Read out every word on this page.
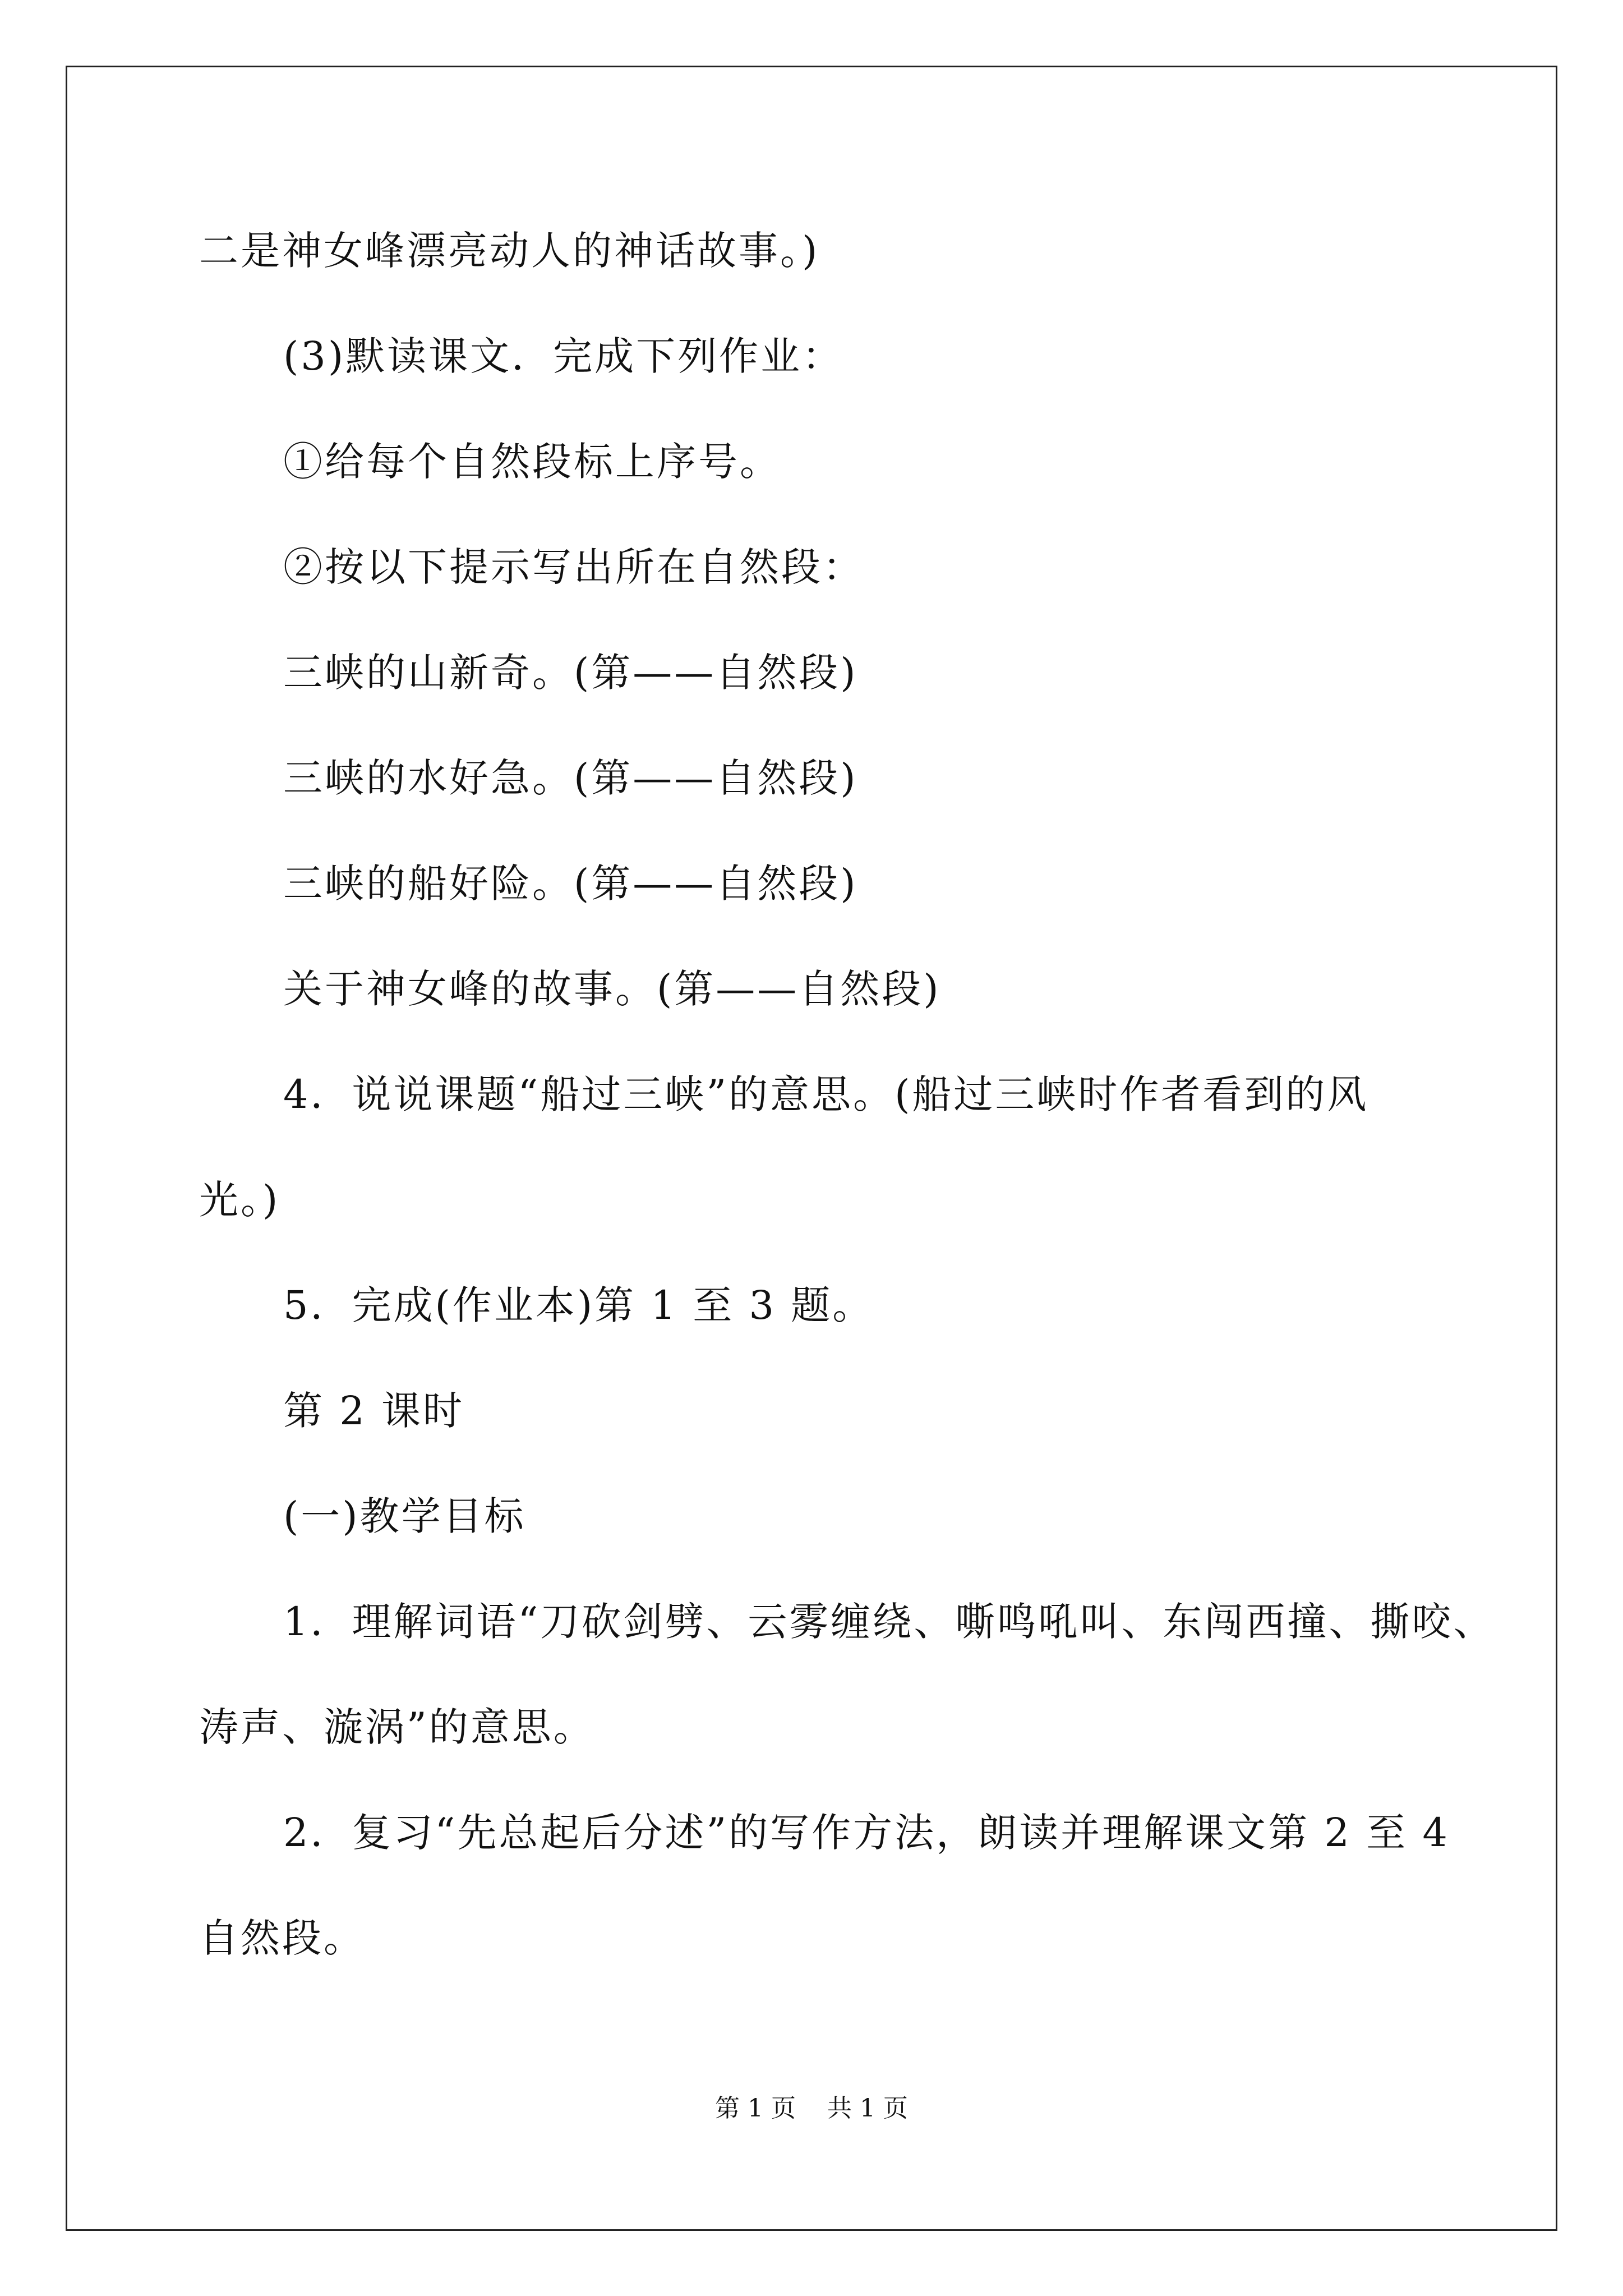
二是神女峰漂亮动人的神话故事。)
(3)默读课文．完成下列作业：
①给每个自然段标上序号。
②按以下提示写出所在自然段：
三峡的山新奇。(第——自然段)
三峡的水好急。(第——自然段)
三峡的船好险。(第——自然段)
关于神女峰的故事。(第——自然段)
4．说说课题“船过三峡”的意思。(船过三峡时作者看到的风
光。)
5．完成(作业本)第 1 至 3 题。
第 2 课时
(一)教学目标
1．理解词语“刀砍剑劈、云雾缠绕、嘶鸣吼叫、东闯西撞、撕咬、
涛声、漩涡”的意思。
2．复习“先总起后分述”的写作方法，朗读并理解课文第 2 至 4
自然段。
第 1 页    共 1 页
